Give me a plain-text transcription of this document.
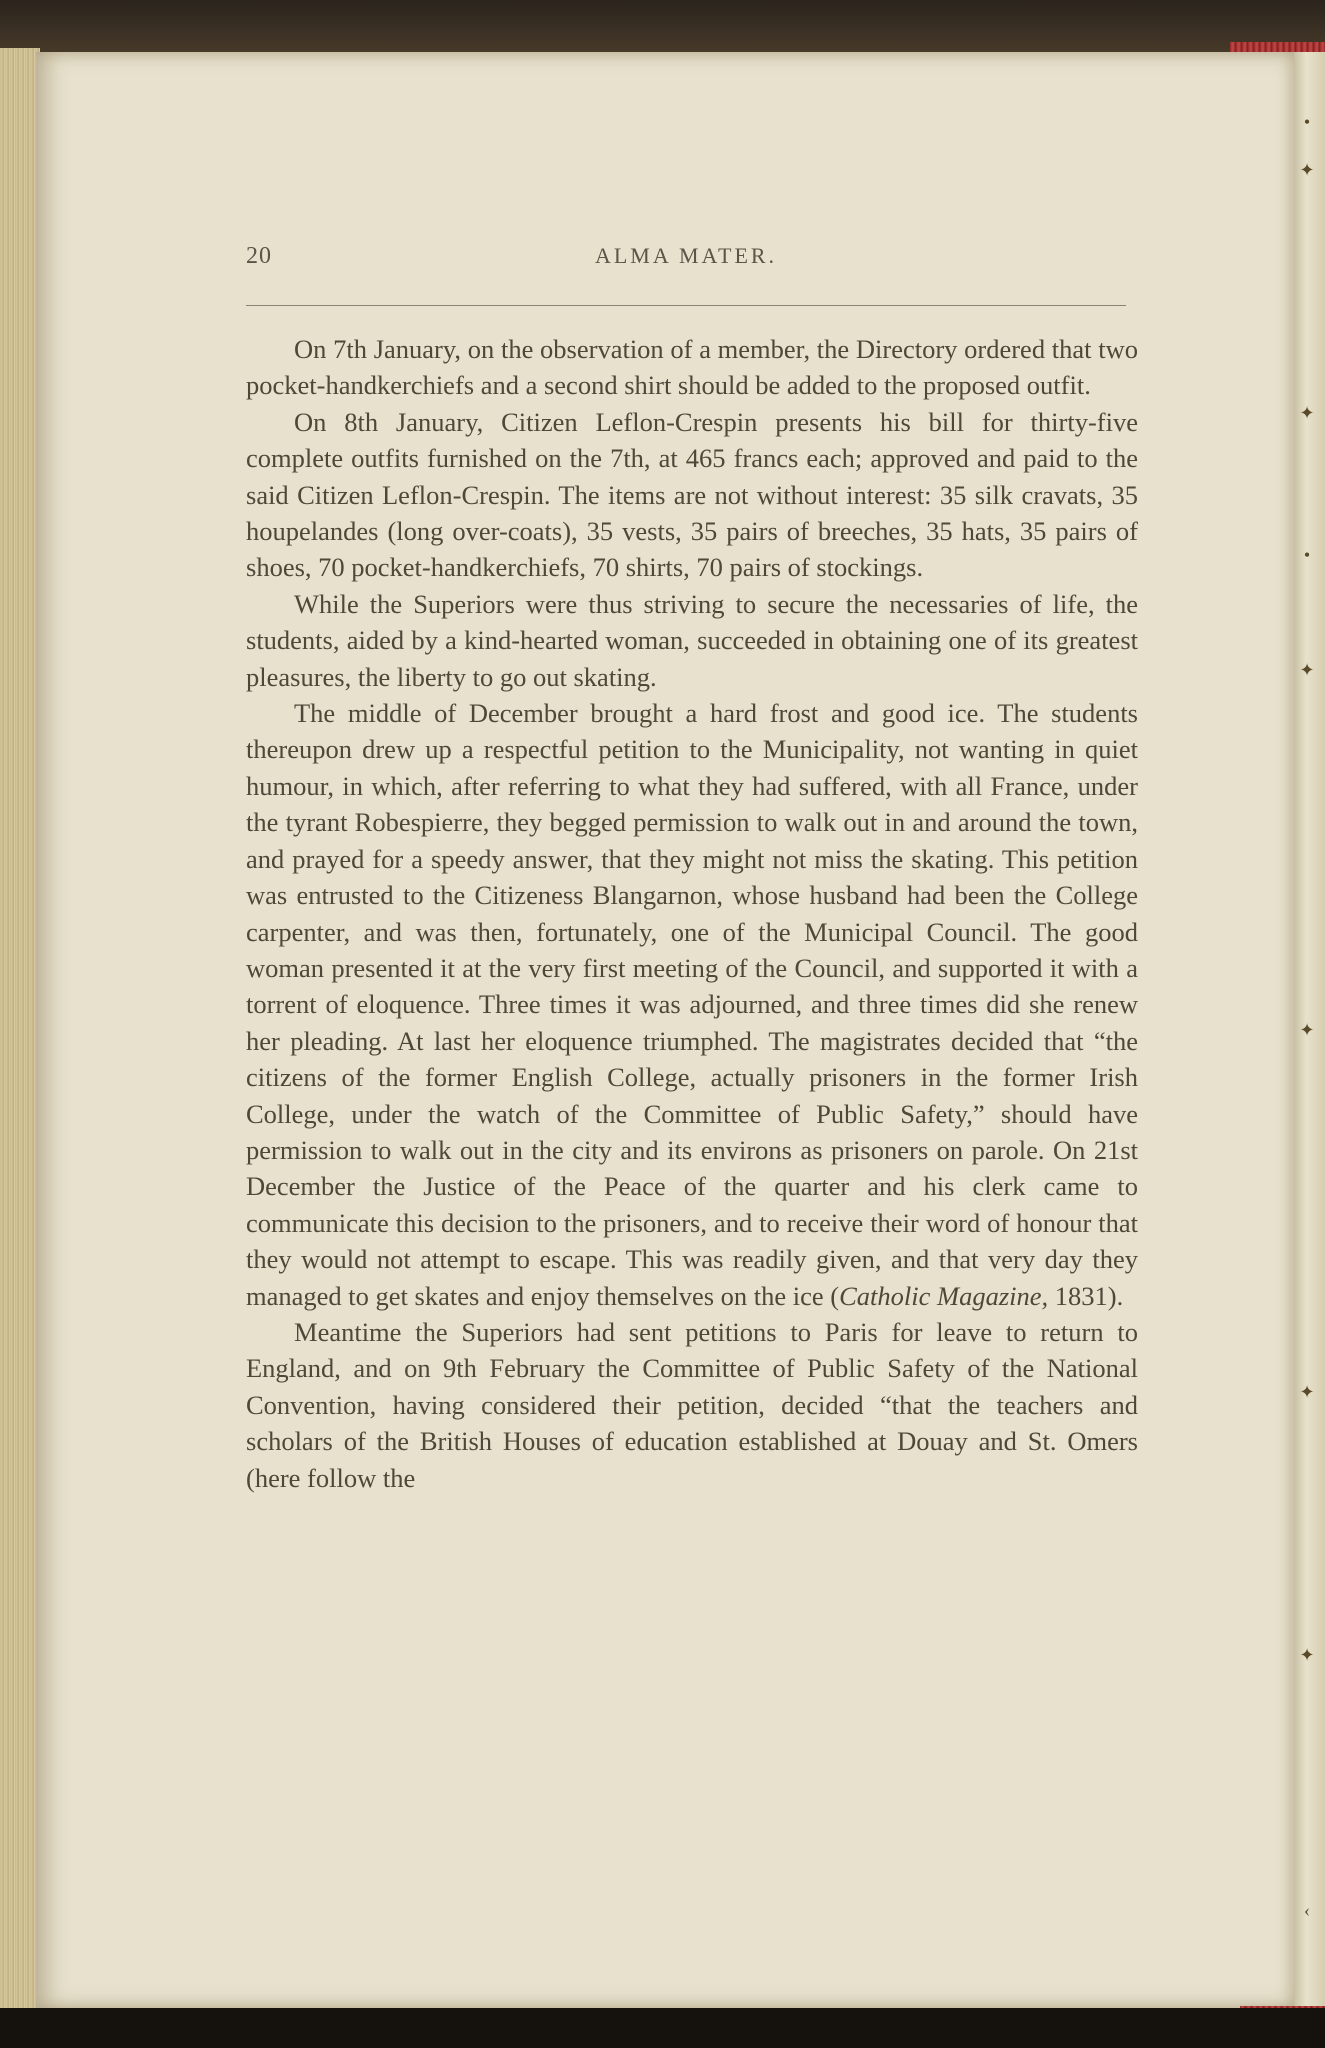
•
✦
✦
•
✦
✦
✦
✦
‹
20	ALMA MATER.

On 7th January, on the observation of a member, the Directory ordered that two pocket-handkerchiefs and a second shirt should be added to the proposed outfit.

On 8th January, Citizen Leflon-Crespin presents his bill for thirty-five complete outfits furnished on the 7th, at 465 francs each; approved and paid to the said Citizen Leflon-Crespin. The items are not without interest: 35 silk cravats, 35 houpelandes (long over-coats), 35 vests, 35 pairs of breeches, 35 hats, 35 pairs of shoes, 70 pocket-handkerchiefs, 70 shirts, 70 pairs of stockings.

While the Superiors were thus striving to secure the necessaries of life, the students, aided by a kind-hearted woman, succeeded in obtaining one of its greatest pleasures, the liberty to go out skating.

The middle of December brought a hard frost and good ice. The students thereupon drew up a respectful petition to the Municipality, not wanting in quiet humour, in which, after referring to what they had suffered, with all France, under the tyrant Robespierre, they begged permission to walk out in and around the town, and prayed for a speedy answer, that they might not miss the skating. This petition was entrusted to the Citizeness Blangarnon, whose husband had been the College carpenter, and was then, fortunately, one of the Municipal Council. The good woman presented it at the very first meeting of the Council, and supported it with a torrent of eloquence. Three times it was adjourned, and three times did she renew her pleading. At last her eloquence triumphed. The magistrates decided that “the citizens of the former English College, actually prisoners in the former Irish College, under the watch of the Committee of Public Safety,” should have permission to walk out in the city and its environs as prisoners on parole. On 21st December the Justice of the Peace of the quarter and his clerk came to communicate this decision to the prisoners, and to receive their word of honour that they would not attempt to escape. This was readily given, and that very day they managed to get skates and enjoy themselves on the ice (Catholic Magazine, 1831).

Meantime the Superiors had sent petitions to Paris for leave to return to England, and on 9th February the Committee of Public Safety of the National Convention, having considered their petition, decided “that the teachers and scholars of the British Houses of education established at Douay and St. Omers (here follow the
